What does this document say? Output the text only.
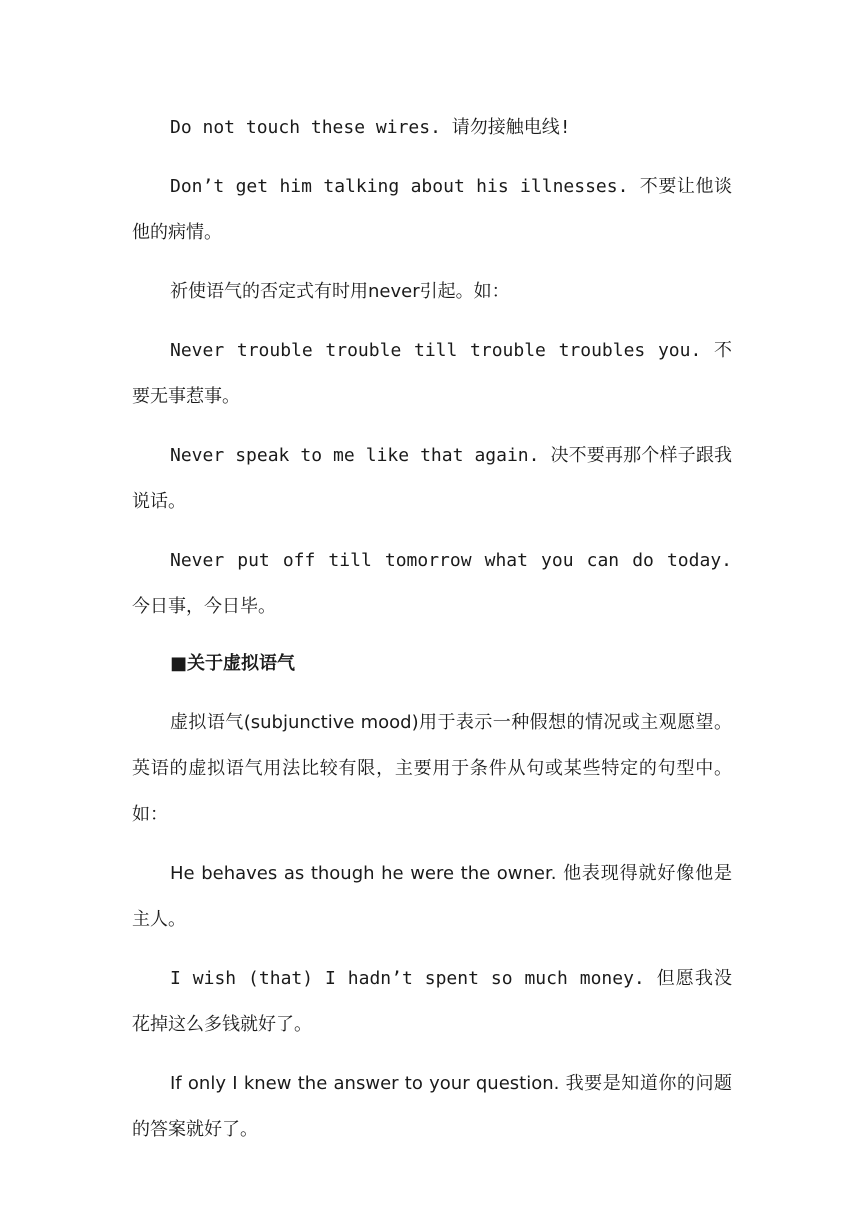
Do not touch these wires. 请勿接触电线!

Don’t get him talking about his illnesses. 不要让他谈他的病情。

祈使语气的否定式有时用never引起。如：

Never trouble trouble till trouble troubles you. 不要无事惹事。

Never speak to me like that again. 决不要再那个样子跟我说话。

Never put off till tomorrow what you can do today. 今日事，今日毕。

■关于虚拟语气

虚拟语气(subjunctive mood)用于表示一种假想的情况或主观愿望。英语的虚拟语气用法比较有限，主要用于条件从句或某些特定的句型中。如：

He behaves as though he were the owner. 他表现得就好像他是主人。

I wish (that) I hadn’t spent so much money. 但愿我没花掉这么多钱就好了。

If only I knew the answer to your question. 我要是知道你的问题的答案就好了。
